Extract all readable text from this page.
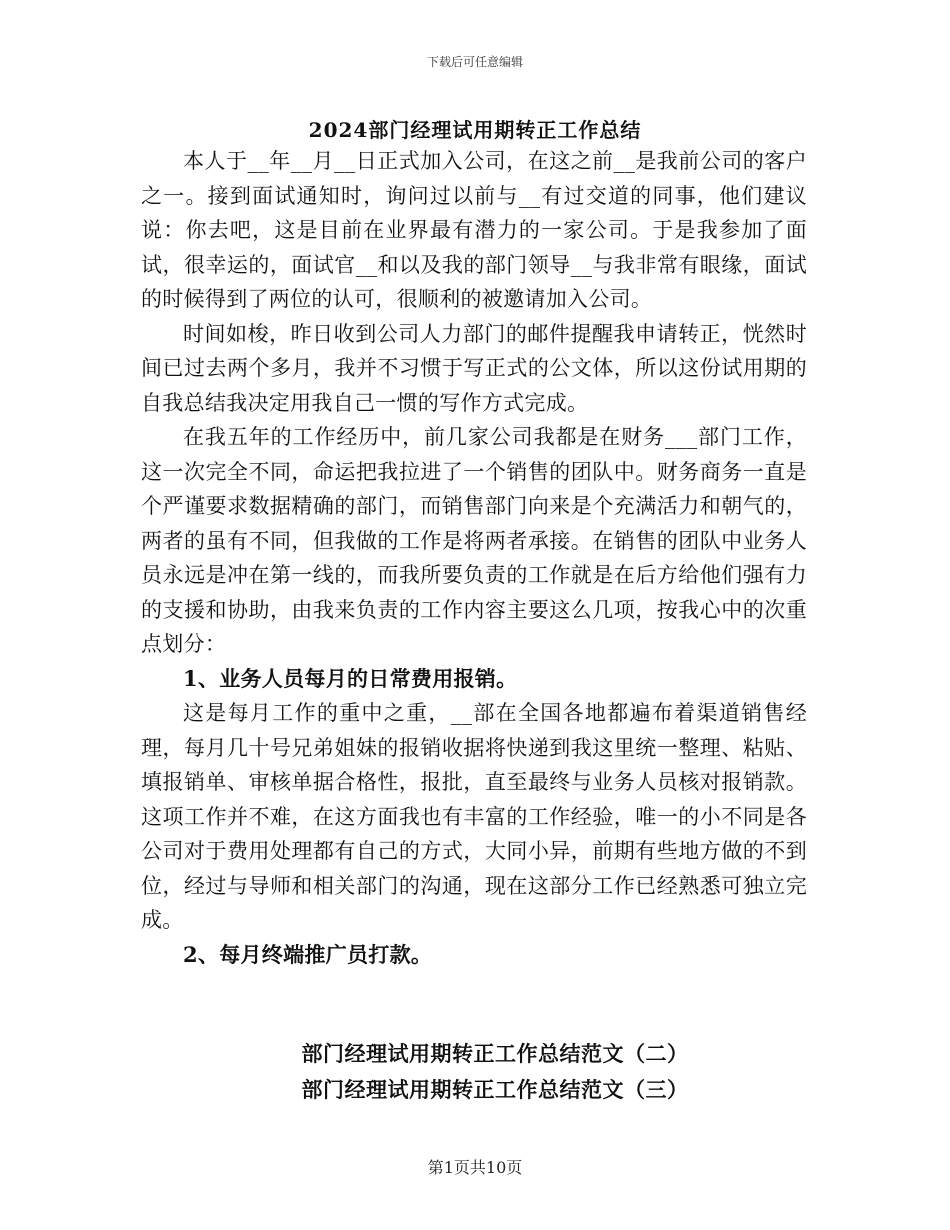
下载后可任意编辑
2024部门经理试用期转正工作总结

本人于__年__月__日正式加入公司，在这之前__是我前公司的客户之一。接到面试通知时，询问过以前与__有过交道的同事，他们建议说：你去吧，这是目前在业界最有潜力的一家公司。于是我参加了面试，很幸运的，面试官__和以及我的部门领导__与我非常有眼缘，面试的时候得到了两位的认可，很顺利的被邀请加入公司。

时间如梭，昨日收到公司人力部门的邮件提醒我申请转正，恍然时间已过去两个多月，我并不习惯于写正式的公文体，所以这份试用期的自我总结我决定用我自己一惯的写作方式完成。

在我五年的工作经历中，前几家公司我都是在财务___部门工作，这一次完全不同，命运把我拉进了一个销售的团队中。财务商务一直是个严谨要求数据精确的部门，而销售部门向来是个充满活力和朝气的，两者的虽有不同，但我做的工作是将两者承接。在销售的团队中业务人员永远是冲在第一线的，而我所要负责的工作就是在后方给他们强有力的支援和协助，由我来负责的工作内容主要这么几项，按我心中的次重点划分：

1、业务人员每月的日常费用报销。

这是每月工作的重中之重，__部在全国各地都遍布着渠道销售经理，每月几十号兄弟姐妹的报销收据将快递到我这里统一整理、粘贴、填报销单、审核单据合格性，报批，直至最终与业务人员核对报销款。这项工作并不难，在这方面我也有丰富的工作经验，唯一的小不同是各公司对于费用处理都有自己的方式，大同小异，前期有些地方做的不到位，经过与导师和相关部门的沟通，现在这部分工作已经熟悉可独立完成。

2、每月终端推广员打款。

部门经理试用期转正工作总结范文（二）
部门经理试用期转正工作总结范文（三）
第1页共10页
